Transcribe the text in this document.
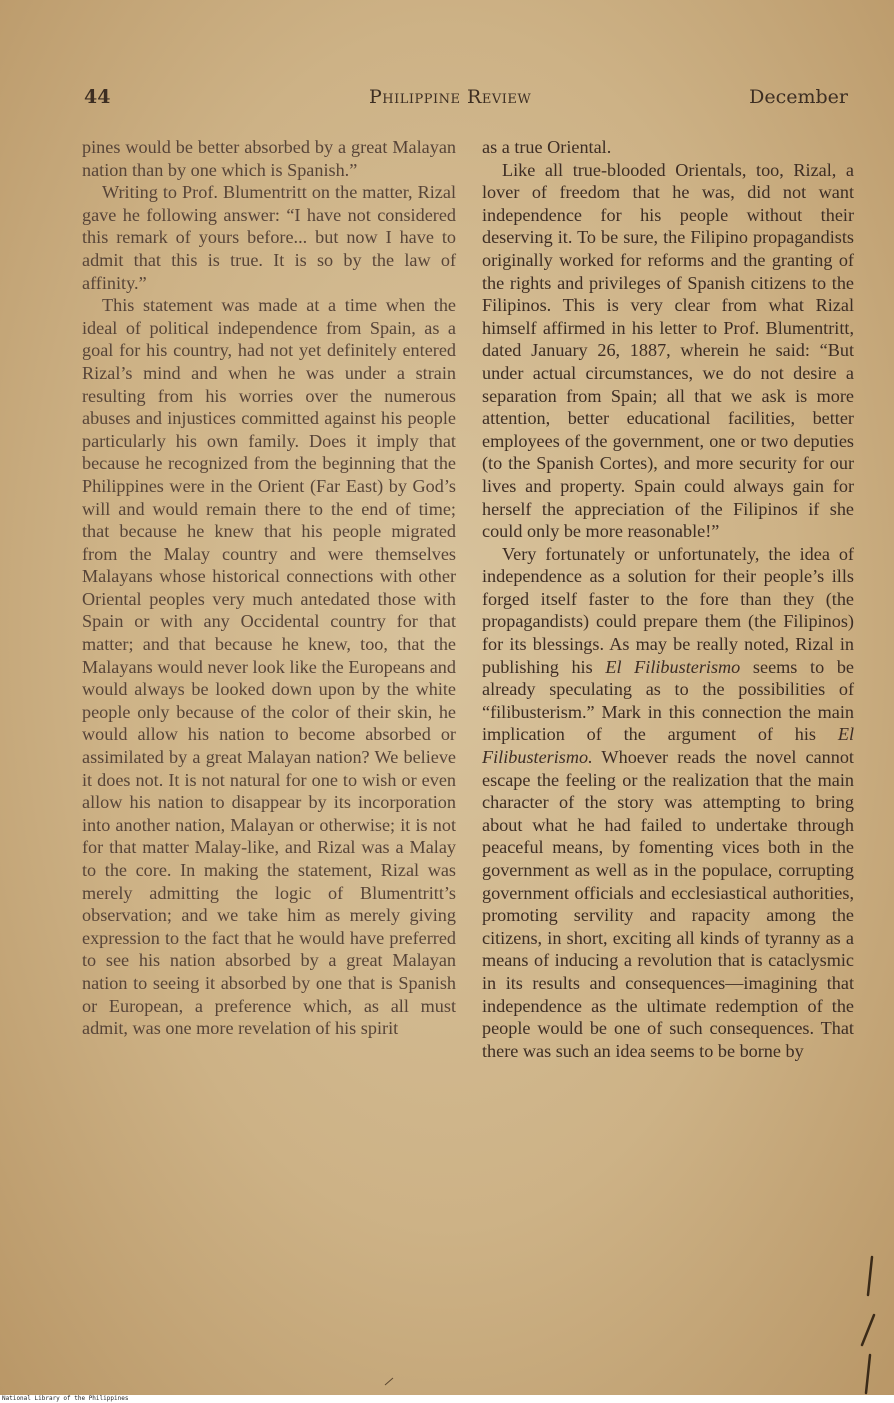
44	Philippine Review	December

pines would be better absorbed by a great Malayan nation than by one which is Spanish.”

Writing to Prof. Blumentritt on the matter, Rizal gave he following answer: “I have not considered this remark of yours before... but now I have to admit that this is true. It is so by the law of affinity.”

This statement was made at a time when the ideal of political independence from Spain, as a goal for his country, had not yet definitely entered Rizal’s mind and when he was under a strain resulting from his worries over the numerous abuses and injustices committed against his people particularly his own family. Does it imply that because he recognized from the beginning that the Philippines were in the Orient (Far East) by God’s will and would remain there to the end of time; that because he knew that his people migrated from the Malay country and were themselves Malayans whose historical connections with other Oriental peoples very much antedated those with Spain or with any Occidental country for that matter; and that because he knew, too, that the Malayans would never look like the Europeans and would always be looked down upon by the white people only because of the color of their skin, he would allow his nation to become absorbed or assimilated by a great Malayan nation? We believe it does not. It is not natural for one to wish or even allow his nation to disappear by its incorporation into another nation, Malayan or otherwise; it is not for that matter Malay-like, and Rizal was a Malay to the core. In making the statement, Rizal was merely admitting the logic of Blumentritt’s observation; and we take him as merely giving expression to the fact that he would have preferred to see his nation absorbed by a great Malayan nation to seeing it absorbed by one that is Spanish or European, a preference which, as all must admit, was one more revelation of his spirit

as a true Oriental.

Like all true-blooded Orientals, too, Rizal, a lover of freedom that he was, did not want independence for his people without their deserving it. To be sure, the Filipino propagandists originally worked for reforms and the granting of the rights and privileges of Spanish citizens to the Filipinos. This is very clear from what Rizal himself affirmed in his letter to Prof. Blumentritt, dated January 26, 1887, wherein he said: “But under actual circumstances, we do not desire a separation from Spain; all that we ask is more attention, better educational facilities, better employees of the government, one or two deputies (to the Spanish Cortes), and more security for our lives and property. Spain could always gain for herself the appreciation of the Filipinos if she could only be more reasonable!”

Very fortunately or unfortunately, the idea of independence as a solution for their people’s ills forged itself faster to the fore than they (the propagandists) could prepare them (the Filipinos) for its blessings. As may be really noted, Rizal in publishing his El Filibusterismo seems to be already speculating as to the possibilities of “filibusterism.” Mark in this connection the main implication of the argument of his El Filibusterismo. Whoever reads the novel cannot escape the feeling or the realization that the main character of the story was attempting to bring about what he had failed to undertake through peaceful means, by fomenting vices both in the government as well as in the populace, corrupting government officials and ecclesiastical authorities, promoting servility and rapacity among the citizens, in short, exciting all kinds of tyranny as a means of inducing a revolution that is cataclysmic in its results and consequences—imagining that independence as the ultimate redemption of the people would be one of such consequences. That there was such an idea seems to be borne by

National Library of the Philippines
